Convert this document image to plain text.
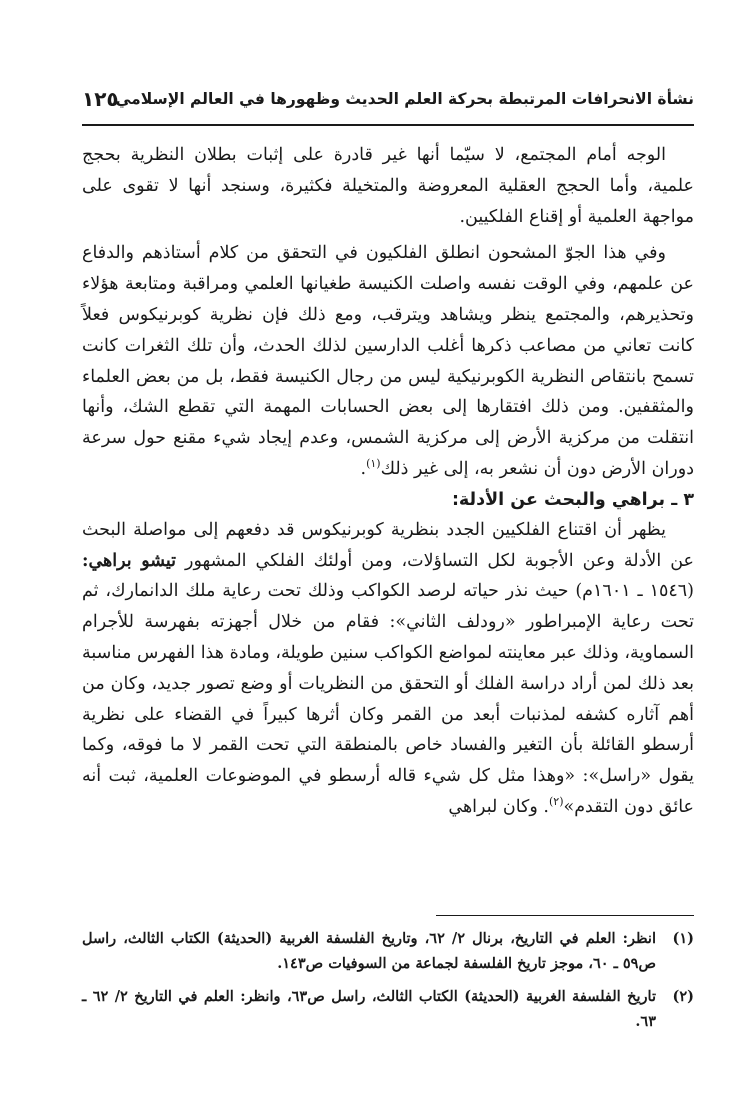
نشأة الانحرافات المرتبطة بحركة العلم الحديث وظهورها في العالم الإسلامي
١٢٥

الوجه أمام المجتمع، لا سيّما أنها غير قادرة على إثبات بطلان النظرية بحجج علمية، وأما الحجج العقلية المعروضة والمتخيلة فكثيرة، وسنجد أنها لا تقوى على مواجهة العلمية أو إقناع الفلكيين.

وفي هذا الجوّ المشحون انطلق الفلكيون في التحقق من كلام أستاذهم والدفاع عن علمهم، وفي الوقت نفسه واصلت الكنيسة طغيانها العلمي ومراقبة ومتابعة هؤلاء وتحذيرهم، والمجتمع ينظر ويشاهد ويترقب، ومع ذلك فإن نظرية كوبرنيكوس فعلاً كانت تعاني من مصاعب ذكرها أغلب الدارسين لذلك الحدث، وأن تلك الثغرات كانت تسمح بانتقاص النظرية الكوبرنيكية ليس من رجال الكنيسة فقط، بل من بعض العلماء والمثقفين. ومن ذلك افتقارها إلى بعض الحسابات المهمة التي تقطع الشك، وأنها انتقلت من مركزية الأرض إلى مركزية الشمس، وعدم إيجاد شيء مقنع حول سرعة دوران الأرض دون أن نشعر به، إلى غير ذلك$^{(١)}$.

٣ ـ براهي والبحث عن الأدلة:

يظهر أن اقتناع الفلكيين الجدد بنظرية كوبرنيكوس قد دفعهم إلى مواصلة البحث عن الأدلة وعن الأجوبة لكل التساؤلات، ومن أولئك الفلكي المشهور تيشو براهي: (١٥٤٦ ـ ١٦٠١م) حيث نذر حياته لرصد الكواكب وذلك تحت رعاية ملك الدانمارك، ثم تحت رعاية الإمبراطور «رودلف الثاني»: فقام من خلال أجهزته بفهرسة للأجرام السماوية، وذلك عبر معاينته لمواضع الكواكب سنين طويلة، ومادة هذا الفهرس مناسبة بعد ذلك لمن أراد دراسة الفلك أو التحقق من النظريات أو وضع تصور جديد، وكان من أهم آثاره كشفه لمذنبات أبعد من القمر وكان أثرها كبيراً في القضاء على نظرية أرسطو القائلة بأن التغير والفساد خاص بالمنطقة التي تحت القمر لا ما فوقه، وكما يقول «راسل»: «وهذا مثل كل شيء قاله أرسطو في الموضوعات العلمية، ثبت أنه عائق دون التقدم»$^{(٢)}$. وكان لبراهي

(١)
انظر: العلم في التاريخ، برنال ٢/ ٦٢، وتاريخ الفلسفة الغربية (الحديثة) الكتاب الثالث، راسل ص٥٩ ـ ٦٠، موجز تاريخ الفلسفة لجماعة من السوفيات ص١٤٣.
(٢)
تاريخ الفلسفة الغربية (الحديثة) الكتاب الثالث، راسل ص٦٣، وانظر: العلم في التاريخ ٢/ ٦٢ ـ ٦٣.
